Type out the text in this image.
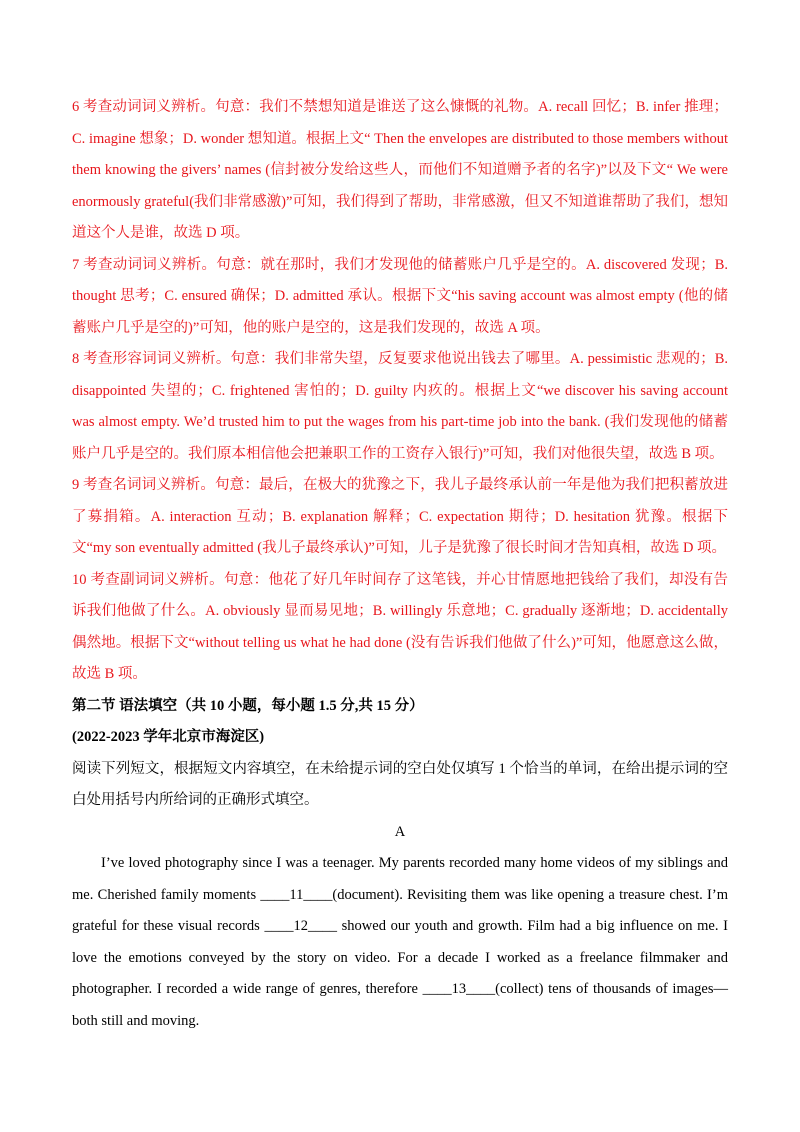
6 考查动词词义辨析。句意：我们不禁想知道是谁送了这么慷慨的礼物。A. recall 回忆；B. infer 推理；C. imagine 想象；D. wonder 想知道。根据上文“ Then the envelopes are distributed to those members without them knowing the givers’ names (信封被分发给这些人，而他们不知道赠予者的名字)”以及下文“ We were enormously grateful(我们非常感激)”可知，我们得到了帮助，非常感激，但又不知道谁帮助了我们，想知道这个人是谁，故选 D 项。

7 考查动词词义辨析。句意：就在那时，我们才发现他的储蓄账户几乎是空的。A. discovered 发现；B. thought 思考；C. ensured 确保；D. admitted 承认。根据下文“his saving account was almost empty (他的储蓄账户几乎是空的)”可知，他的账户是空的，这是我们发现的，故选 A 项。

8 考查形容词词义辨析。句意：我们非常失望，反复要求他说出钱去了哪里。A. pessimistic 悲观的；B. disappointed 失望的；C. frightened 害怕的；D. guilty 内疚的。根据上文“we discover his saving account was almost empty. We’d trusted him to put the wages from his part-time job into the bank. (我们发现他的储蓄账户几乎是空的。我们原本相信他会把兼职工作的工资存入银行)”可知，我们对他很失望，故选 B 项。

9 考查名词词义辨析。句意：最后，在极大的犹豫之下，我儿子最终承认前一年是他为我们把积蓄放进了募捐箱。A. interaction 互动；B. explanation 解释；C. expectation 期待；D. hesitation 犹豫。根据下文“my son eventually admitted (我儿子最终承认)”可知，儿子是犹豫了很长时间才告知真相，故选 D 项。

10 考查副词词义辨析。句意：他花了好几年时间存了这笔钱，并心甘情愿地把钱给了我们，却没有告诉我们他做了什么。A. obviously 显而易见地；B. willingly 乐意地；C. gradually 逐渐地；D. accidentally 偶然地。根据下文“without telling us what he had done (没有告诉我们他做了什么)”可知，他愿意这么做，故选 B 项。

第二节 语法填空（共 10 小题，每小题 1.5 分,共 15 分）

(2022-2023 学年北京市海淀区)

阅读下列短文，根据短文内容填空，在未给提示词的空白处仅填写 1 个恰当的单词，在给出提示词的空白处用括号内所给词的正确形式填空。

A

I’ve loved photography since I was a teenager. My parents recorded many home videos of my siblings and me. Cherished family moments ____11____(document). Revisiting them was like opening a treasure chest. I’m grateful for these visual records ____12____ showed our youth and growth. Film had a big influence on me. I love the emotions conveyed by the story on video. For a decade I worked as a freelance filmmaker and photographer. I recorded a wide range of genres, therefore ____13____(collect) tens of thousands of images—both still and moving.
